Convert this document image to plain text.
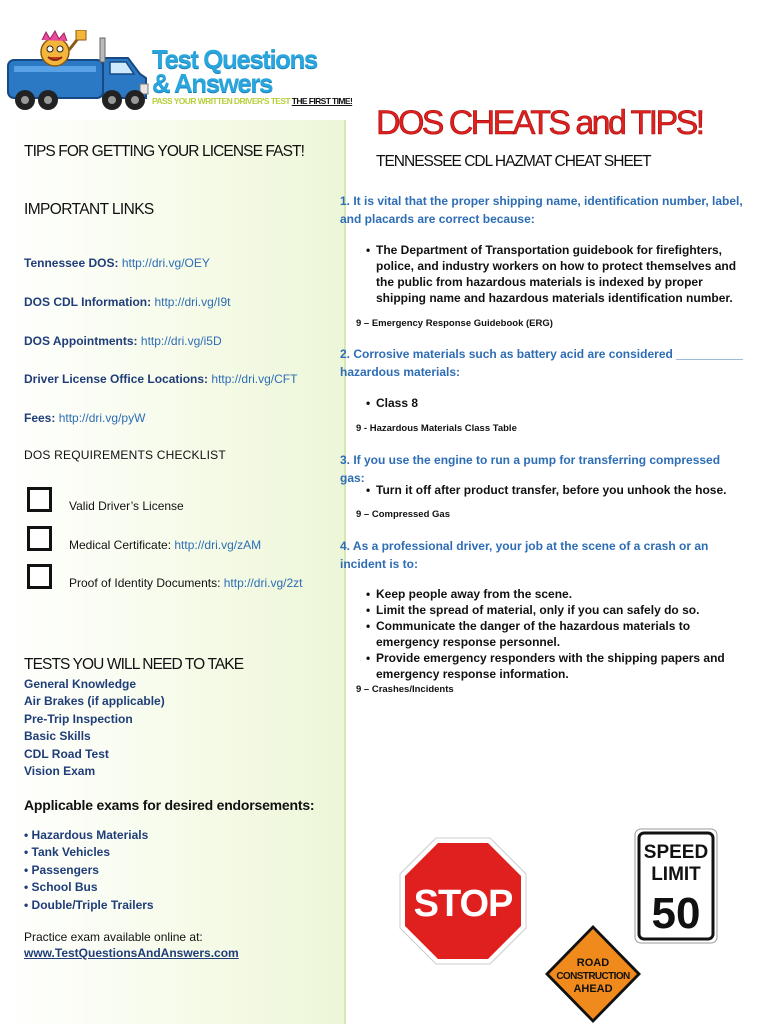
Test Questions
& Answers
PASS YOUR WRITTEN DRIVER'S TEST THE FIRST TIME!
TIPS FOR GETTING YOUR LICENSE FAST!
IMPORTANT LINKS
Tennessee DOS: http://dri.vg/OEY
DOS CDL Information: http://dri.vg/I9t
DOS Appointments: http://dri.vg/i5D
Driver License Office Locations: http://dri.vg/CFT
Fees: http://dri.vg/pyW
DOS REQUIREMENTS CHECKLIST
Valid Driver’s License
Medical Certificate: http://dri.vg/zAM
Proof of Identity Documents: http://dri.vg/2zt
TESTS YOU WILL NEED TO TAKE
General Knowledge
Air Brakes (if applicable)
Pre-Trip Inspection
Basic Skills
CDL Road Test
Vision Exam
Applicable exams for desired endorsements:
• Hazardous Materials
• Tank Vehicles
• Passengers
• School Bus
• Double/Triple Trailers
Practice exam available online at:
www.TestQuestionsAndAnswers.com
DOS CHEATS and TIPS!
TENNESSEE CDL HAZMAT CHEAT SHEET
1. It is vital that the proper shipping name, identification number, label, and placards are correct because:
• The Department of Transportation guidebook for firefighters, police, and industry workers on how to protect themselves and the public from hazardous materials is indexed by proper shipping name and hazardous materials identification number.
9 – Emergency Response Guidebook (ERG)
2. Corrosive materials such as battery acid are considered __________ hazardous materials:
• Class 8
9 - Hazardous Materials Class Table
3. If you use the engine to run a pump for transferring compressed gas:
• Turn it off after product transfer, before you unhook the hose.
9 – Compressed Gas
4. As a professional driver, your job at the scene of a crash or an incident is to:
• Keep people away from the scene.
• Limit the spread of material, only if you can safely do so.
• Communicate the danger of the hazardous materials to emergency response personnel.
• Provide emergency responders with the shipping papers and emergency response information.
9 – Crashes/Incidents
STOP
SPEED
LIMIT
50
ROAD
CONSTRUCTION
AHEAD
